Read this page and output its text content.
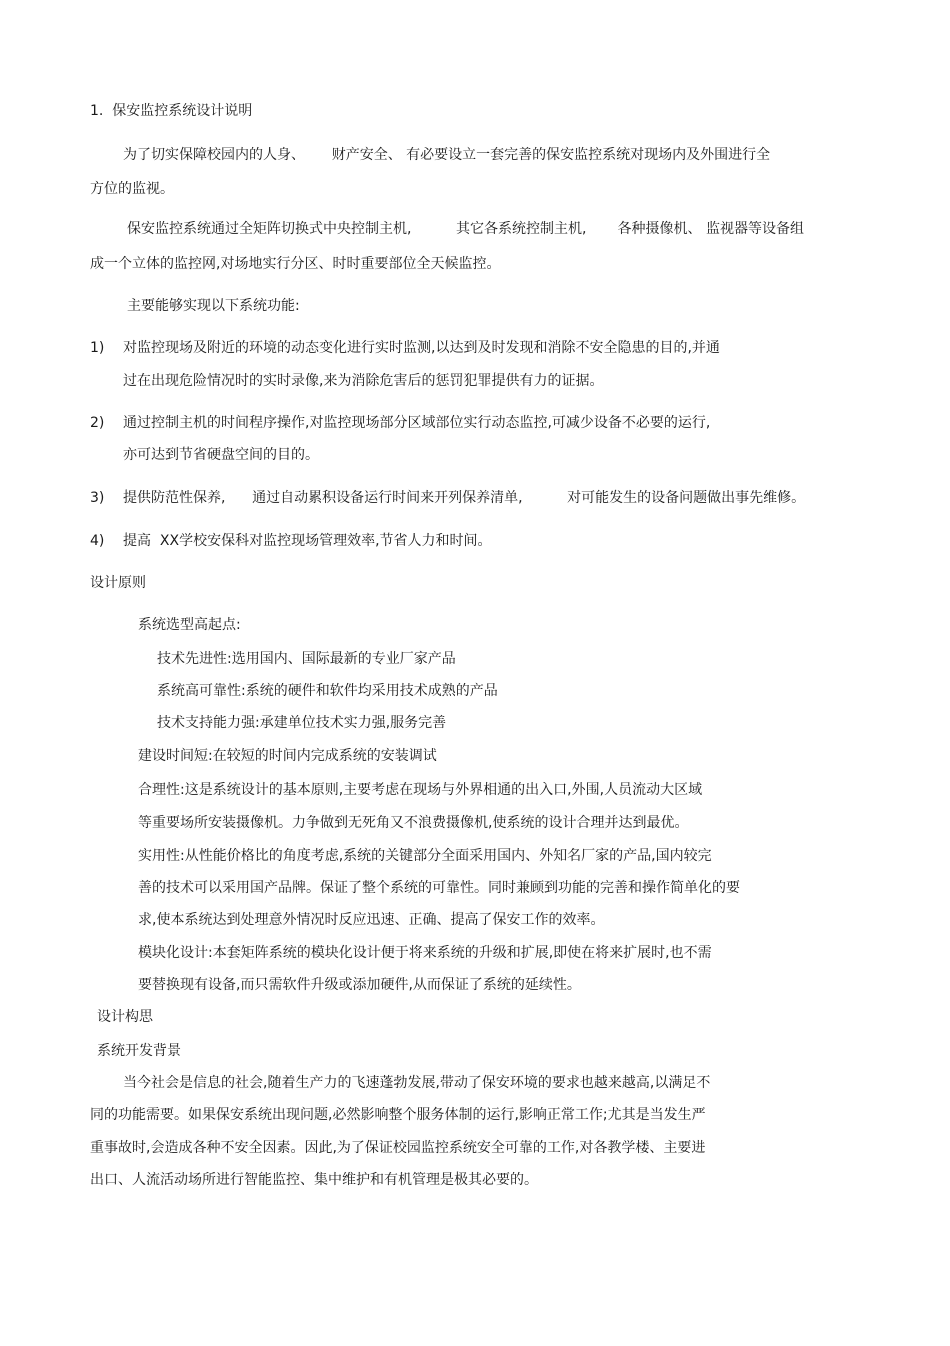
1.  保安监控系统设计说明
为了切实保障校园内的人身、      财产安全、 有必要设立一套完善的保安监控系统对现场内及外围进行全
方位的监视。
保安监控系统通过全矩阵切换式中央控制主机,          其它各系统控制主机,       各种摄像机、 监视器等设备组
成一个立体的监控网,对场地实行分区、时时重要部位全天候监控。
主要能够实现以下系统功能:
1) 对监控现场及附近的环境的动态变化进行实时监测,以达到及时发现和消除不安全隐患的目的,并通
过在出现危险情况时的实时录像,来为消除危害后的惩罚犯罪提供有力的证据。
2) 通过控制主机的时间程序操作,对监控现场部分区域部位实行动态监控,可减少设备不必要的运行,
亦可达到节省硬盘空间的目的。
3) 提供防范性保养,      通过自动累积设备运行时间来开列保养清单,          对可能发生的设备问题做出事先维修。
4) 提高  XX学校安保科对监控现场管理效率,节省人力和时间。
设计原则
系统选型高起点:
技术先进性:选用国内、国际最新的专业厂家产品
系统高可靠性:系统的硬件和软件均采用技术成熟的产品
技术支持能力强:承建单位技术实力强,服务完善
建设时间短:在较短的时间内完成系统的安装调试
合理性:这是系统设计的基本原则,主要考虑在现场与外界相通的出入口,外围,人员流动大区域
等重要场所安装摄像机。力争做到无死角又不浪费摄像机,使系统的设计合理并达到最优。
实用性:从性能价格比的角度考虑,系统的关键部分全面采用国内、外知名厂家的产品,国内较完
善的技术可以采用国产品牌。保证了整个系统的可靠性。同时兼顾到功能的完善和操作简单化的要
求,使本系统达到处理意外情况时反应迅速、正确、提高了保安工作的效率。
模块化设计:本套矩阵系统的模块化设计便于将来系统的升级和扩展,即使在将来扩展时,也不需
要替换现有设备,而只需软件升级或添加硬件,从而保证了系统的延续性。
设计构思
系统开发背景
当今社会是信息的社会,随着生产力的飞速蓬勃发展,带动了保安环境的要求也越来越高,以满足不
同的功能需要。如果保安系统出现问题,必然影响整个服务体制的运行,影响正常工作;尤其是当发生严
重事故时,会造成各种不安全因素。因此,为了保证校园监控系统安全可靠的工作,对各教学楼、主要进
出口、人流活动场所进行智能监控、集中维护和有机管理是极其必要的。
